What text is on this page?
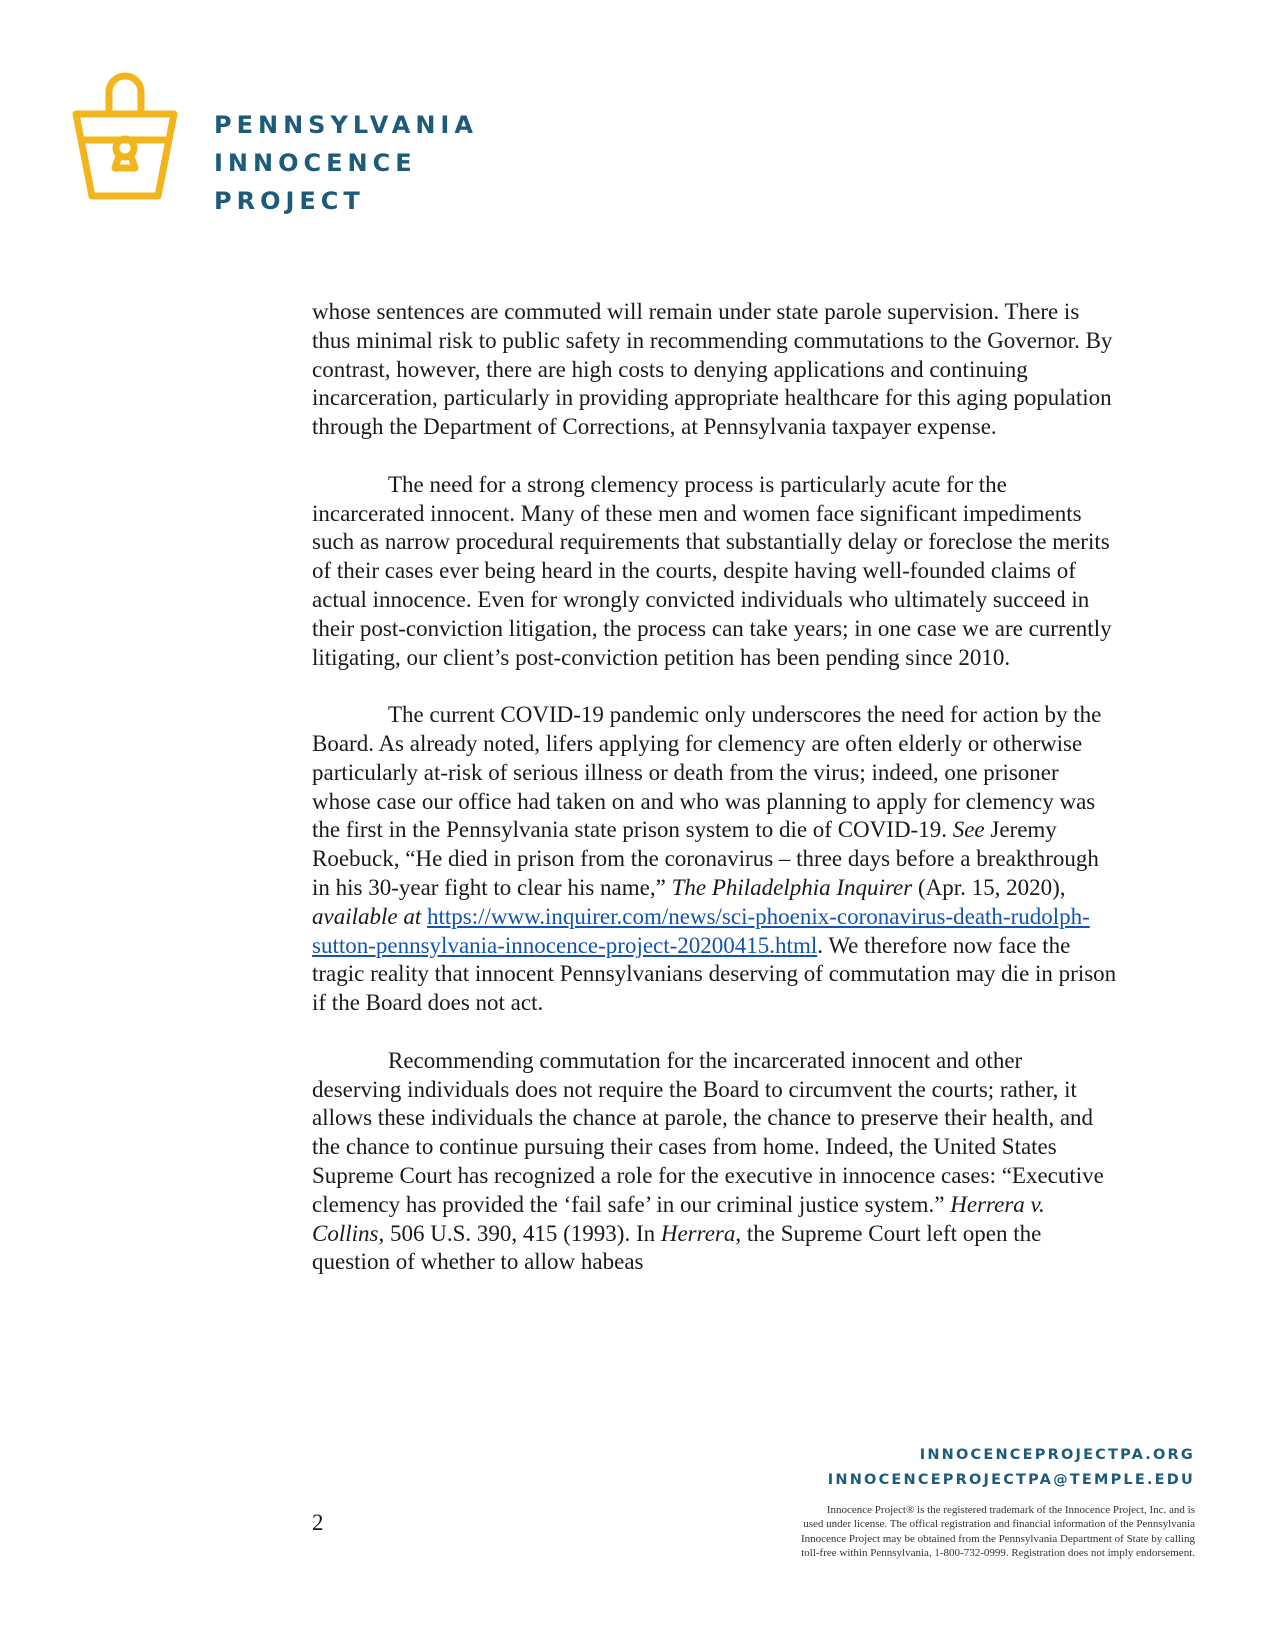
PENNSYLVANIA
INNOCENCE
PROJECT

whose sentences are commuted will remain under state parole supervision. There is thus minimal risk to public safety in recommending commutations to the Governor. By contrast, however, there are high costs to denying applications and continuing incarceration, particularly in providing appropriate healthcare for this aging population through the Department of Corrections, at Pennsylvania taxpayer expense.

The need for a strong clemency process is particularly acute for the incarcerated innocent. Many of these men and women face significant impediments such as narrow procedural requirements that substantially delay or foreclose the merits of their cases ever being heard in the courts, despite having well-founded claims of actual innocence. Even for wrongly convicted individuals who ultimately succeed in their post-conviction litigation, the process can take years; in one case we are currently litigating, our client’s post-conviction petition has been pending since 2010.

The current COVID-19 pandemic only underscores the need for action by the Board. As already noted, lifers applying for clemency are often elderly or otherwise particularly at-risk of serious illness or death from the virus; indeed, one prisoner whose case our office had taken on and who was planning to apply for clemency was the first in the Pennsylvania state prison system to die of COVID-19. See Jeremy Roebuck, “He died in prison from the coronavirus – three days before a breakthrough in his 30-year fight to clear his name,” The Philadelphia Inquirer (Apr. 15, 2020), available at https://www.inquirer.com/news/sci-phoenix-coronavirus-death-rudolph-sutton-pennsylvania-innocence-project-20200415.html. We therefore now face the tragic reality that innocent Pennsylvanians deserving of commutation may die in prison if the Board does not act.

Recommending commutation for the incarcerated innocent and other deserving individuals does not require the Board to circumvent the courts; rather, it allows these individuals the chance at parole, the chance to preserve their health, and the chance to continue pursuing their cases from home. Indeed, the United States Supreme Court has recognized a role for the executive in innocence cases: “Executive clemency has provided the ‘fail safe’ in our criminal justice system.” Herrera v. Collins, 506 U.S. 390, 415 (1993). In Herrera, the Supreme Court left open the question of whether to allow habeas

2
INNOCENCEPROJECTPA.ORG
INNOCENCEPROJECTPA@TEMPLE.EDU
Innocence Project® is the registered trademark of the Innocence Project, Inc. and is
used under license. The offical registration and financial information of the Pennsylvania
Innocence Project may be obtained from the Pennsylvania Department of State by calling
toll-free within Pennsylvania, 1-800-732-0999. Registration does not imply endorsement.
